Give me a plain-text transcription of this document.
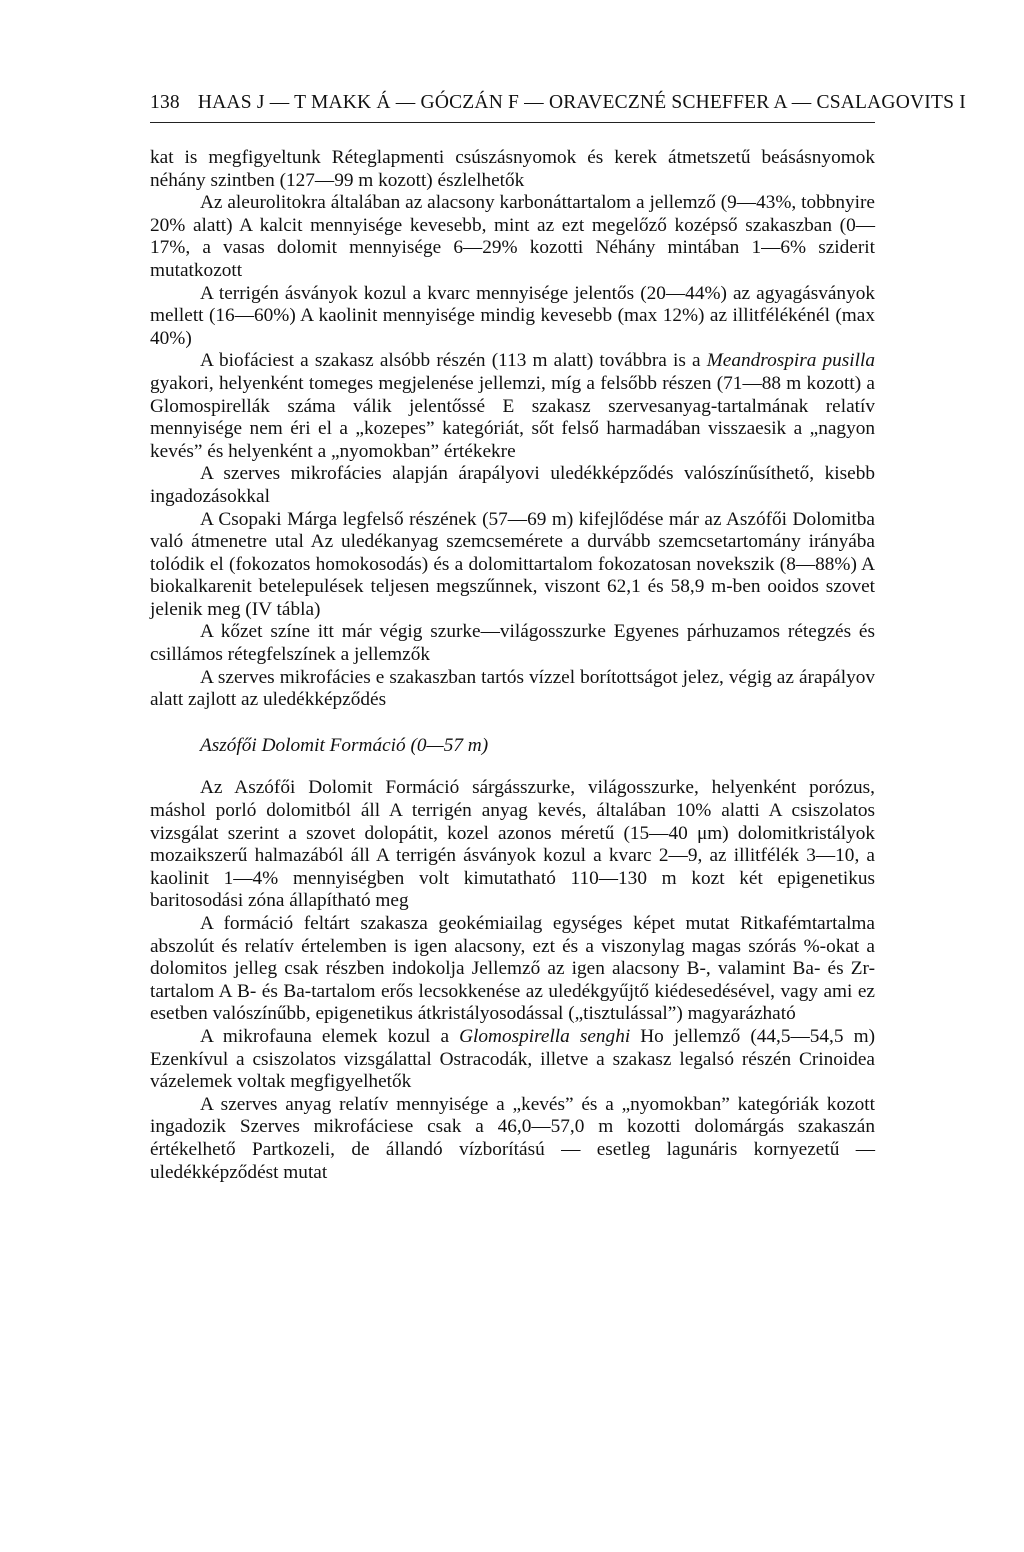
138 HAAS J — T MAKK Á — GÓCZÁN F — ORAVECZNÉ SCHEFFER A — CSALAGOVITS I

kat is megfigyeltunk Réteglapmenti csúszásnyomok és kerek átmetszetű beásásnyomok néhány szintben (127—99 m kozott) észlelhetők

Az aleurolitokra általában az alacsony karbonáttartalom a jellemző (9—43%, tobbnyire 20% alatt) A kalcit mennyisége kevesebb, mint az ezt megelőző kozépső szakaszban (0—17%, a vasas dolomit mennyisége 6—29% kozotti Néhány mintában 1—6% sziderit mutatkozott

A terrigén ásványok kozul a kvarc mennyisége jelentős (20—44%) az agyagásványok mellett (16—60%) A kaolinit mennyisége mindig kevesebb (max 12%) az illitfélékénél (max 40%)

A biofáciest a szakasz alsóbb részén (113 m alatt) továbbra is a Meandrospira pusilla gyakori, helyenként tomeges megjelenése jellemzi, míg a felsőbb részen (71—88 m kozott) a Glomospirellák száma válik jelentőssé E szakasz szervesanyag-tartalmának relatív mennyisége nem éri el a „kozepes” kategóriát, sőt felső harmadában visszaesik a „nagyon kevés” és helyenként a „nyomokban” értékekre

A szerves mikrofácies alapján árapályovi uledékképződés valószínűsíthető, kisebb ingadozásokkal

A Csopaki Márga legfelső részének (57—69 m) kifejlődése már az Aszófői Dolomitba való átmenetre utal Az uledékanyag szemcseméretе a durvább szemcsetartomány irányába tolódik el (fokozatos homokosodás) és a dolomittartalom fokozatosan novekszik (8—88%) A biokalkarenit betelepulések teljesen megszűnnek, viszont 62,1 és 58,9 m-ben ooidos szovet jelenik meg (IV tábla)

A kőzet színe itt már végig szurke—világosszurke Egyenes párhuzamos rétegzés és csillámos rétegfelszínek a jellemzők

A szerves mikrofácies e szakaszban tartós vízzel borítottságot jelez, végig az árapályov alatt zajlott az uledékképződés

Aszófői Dolomit Formáció (0—57 m)

Az Aszófői Dolomit Formáció sárgásszurke, világosszurke, helyenként porózus, máshol porló dolomitból áll A terrigén anyag kevés, általában 10% alatti A csiszolatos vizsgálat szerint a szovet dolopátit, kozel azonos méretű (15—40 μm) dolomitkristályok mozaikszerű halmazából áll A terrigén ásványok kozul a kvarc 2—9, az illitfélék 3—10, a kaolinit 1—4% mennyiségben volt kimutatható 110—130 m kozt két epigenetikus baritosodási zóna állapítható meg

A formáció feltárt szakasza geokémiailag egységes képet mutat Ritkafémtartalma abszolút és relatív értelemben is igen alacsony, ezt és a viszonylag magas szórás %-okat a dolomitos jelleg csak részben indokolja Jellemző az igen alacsony B-, valamint Ba- és Zr-tartalom A B- és Ba-tartalom erős lecsokkenése az uledékgyűjtő kiédesedésével, vagy ami ez esetben valószínűbb, epigenetikus átkristályosodással („tisztulással”) magyarázható

A mikrofauna elemek kozul a Glomospirella senghi Ho jellemző (44,5—54,5 m) Ezenkívul a csiszolatos vizsgálattal Ostracodák, illetve a szakasz legalsó részén Crinoidea vázelemek voltak megfigyelhetők

A szerves anyag relatív mennyisége a „kevés” és a „nyomokban” kategóriák kozott ingadozik Szerves mikrofáciese csak a 46,0—57,0 m kozotti dolomárgás szakaszán értékelhető Partkozeli, de állandó vízborítású — esetleg lagunáris kornyezetű — uledékképződést mutat
